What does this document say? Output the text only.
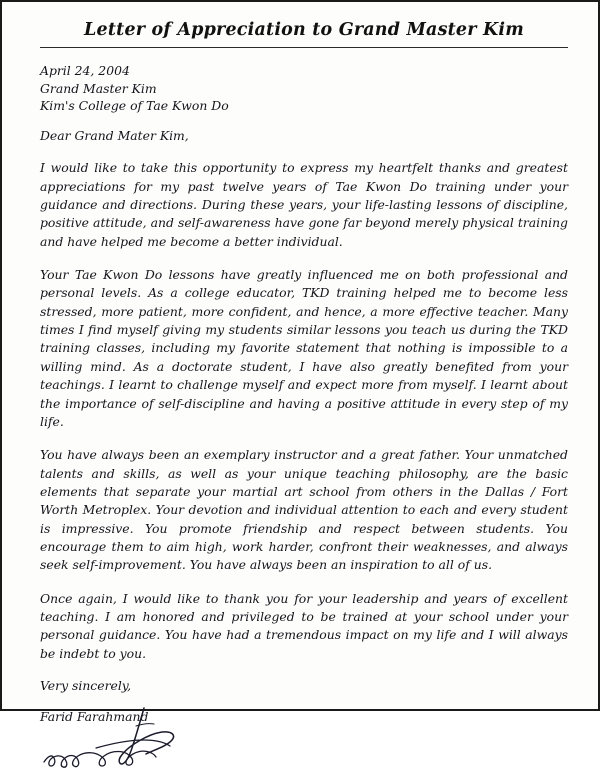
Letter of Appreciation to Grand Master Kim
April 24, 2004
Grand Master Kim
Kim's College of Tae Kwon Do
Dear Grand Mater Kim,

I would like to take this opportunity to express my heartfelt thanks and greatest appreciations for my past twelve years of Tae Kwon Do training under your guidance and directions. During these years, your life-lasting lessons of discipline, positive attitude, and self-awareness have gone far beyond merely physical training and have helped me become a better individual.

Your Tae Kwon Do lessons have greatly influenced me on both professional and personal levels. As a college educator, TKD training helped me to become less stressed, more patient, more confident, and hence, a more effective teacher. Many times I find myself giving my students similar lessons you teach us during the TKD training classes, including my favorite statement that nothing is impossible to a willing mind. As a doctorate student, I have also greatly benefited from your teachings. I learnt to challenge myself and expect more from myself. I learnt about the importance of self-discipline and having a positive attitude in every step of my life.

You have always been an exemplary instructor and a great father. Your unmatched talents and skills, as well as your unique teaching philosophy, are the basic elements that separate your martial art school from others in the Dallas / Fort Worth Metroplex. Your devotion and individual attention to each and every student is impressive. You promote friendship and respect between students. You encourage them to aim high, work harder, confront their weaknesses, and always seek self-improvement. You have always been an inspiration to all of us.

Once again, I would like to thank you for your leadership and years of excellent teaching. I am honored and privileged to be trained at your school under your personal guidance. You have had a tremendous impact on my life and I will always be indebt to you.

Very sincerely,
Farid Farahmand
